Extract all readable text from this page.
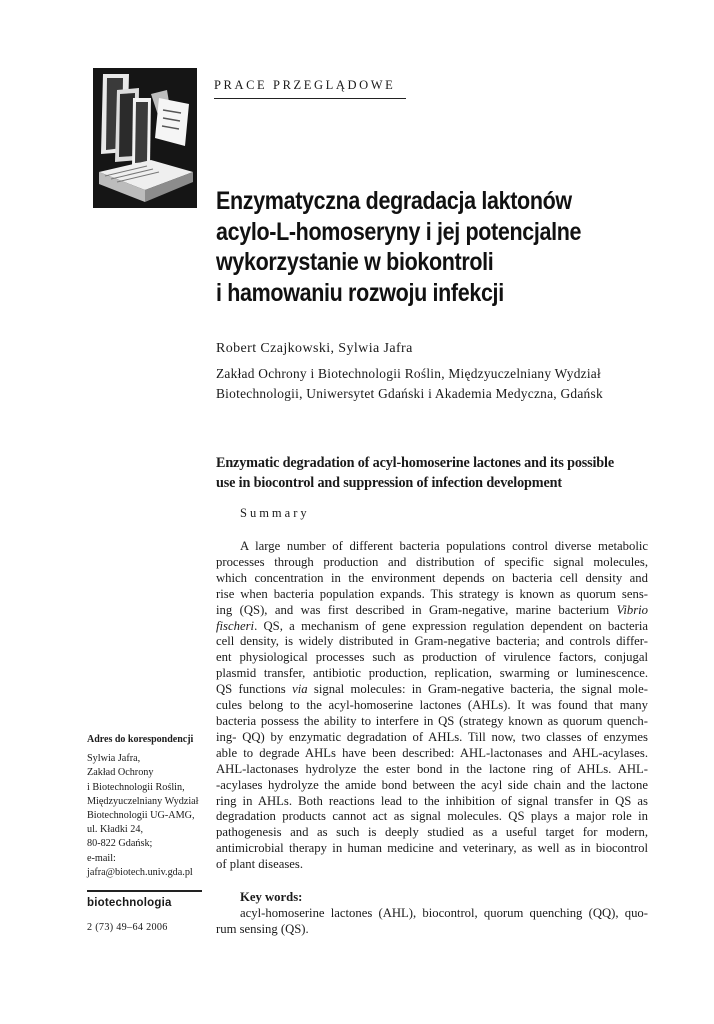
PRACE PRZEGLĄDOWE
Enzymatyczna degradacja laktonów
acylo-L-homoseryny i jej potencjalne
wykorzystanie w biokontroli
i hamowaniu rozwoju infekcji
Robert Czajkowski, Sylwia Jafra
Zakład Ochrony i Biotechnologii Roślin, Międzyuczelniany Wydział
Biotechnologii, Uniwersytet Gdański i Akademia Medyczna, Gdańsk
Enzymatic degradation of acyl-homoserine lactones and its possible
use in biocontrol and suppression of infection development
Summary
A large number of different bacteria populations control diverse metabolic
processes through production and distribution of specific signal molecules,
which concentration in the environment depends on bacteria cell density and
rise when bacteria population expands. This strategy is known as quorum sens-
ing (QS), and was first described in Gram-negative, marine bacterium Vibrio
fischeri. QS, a mechanism of gene expression regulation dependent on bacteria
cell density, is widely distributed in Gram-negative bacteria; and controls differ-
ent physiological processes such as production of virulence factors, conjugal
plasmid transfer, antibiotic production, replication, swarming or luminescence.
QS functions via signal molecules: in Gram-negative bacteria, the signal mole-
cules belong to the acyl-homoserine lactones (AHLs). It was found that many
bacteria possess the ability to interfere in QS (strategy known as quorum quench-
ing- QQ) by enzymatic degradation of AHLs. Till now, two classes of enzymes
able to degrade AHLs have been described: AHL-lactonases and AHL-acylases.
AHL-lactonases hydrolyze the ester bond in the lactone ring of AHLs. AHL-
-acylases hydrolyze the amide bond between the acyl side chain and the lactone
ring in AHLs. Both reactions lead to the inhibition of signal transfer in QS as
degradation products cannot act as signal molecules. QS plays a major role in
pathogenesis and as such is deeply studied as a useful target for modern,
antimicrobial therapy in human medicine and veterinary, as well as in biocontrol
of plant diseases.
Key words:
acyl-homoserine lactones (AHL), biocontrol, quorum quenching (QQ), quo-
rum sensing (QS).
Adres do korespondencji
Sylwia Jafra,
Zakład Ochrony
i Biotechnologii Roślin,
Międzyuczelniany Wydział
Biotechnologii UG-AMG,
ul. Kładki 24,
80-822 Gdańsk;
e-mail:
jafra@biotech.univ.gda.pl
biotechnologia
2 (73) 49–64 2006
